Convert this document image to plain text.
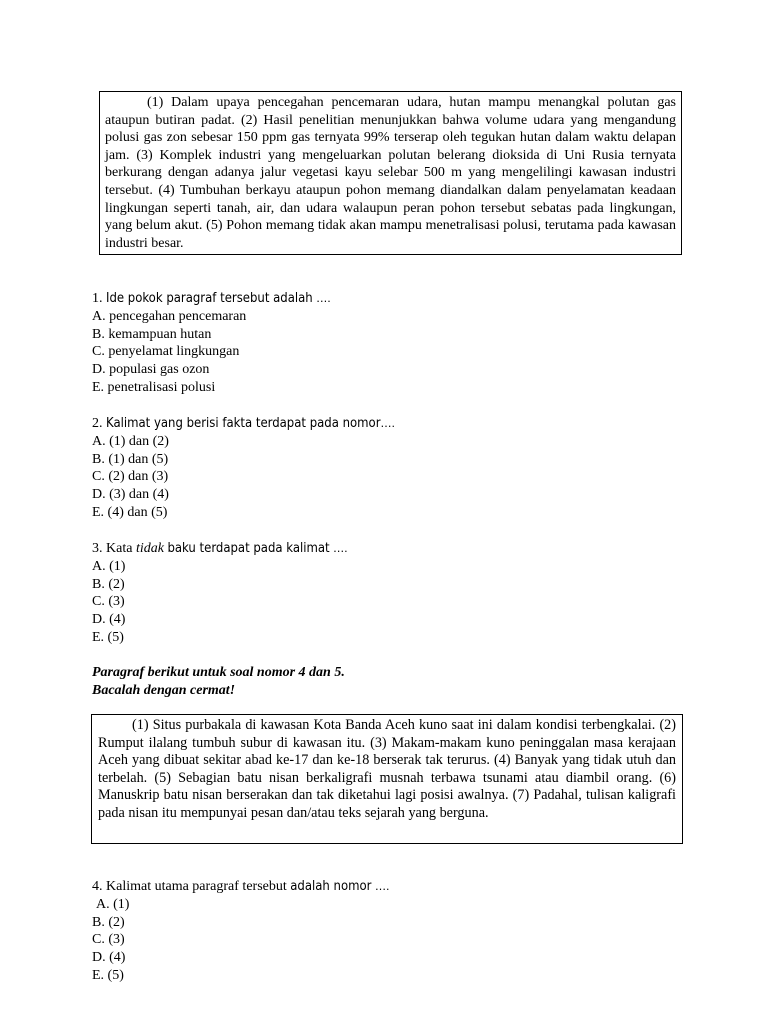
(1) Dalam upaya pencegahan pencemaran udara, hutan mampu menangkal polutan gas ataupun butiran padat. (2) Hasil penelitian menunjukkan bahwa volume udara yang mengandung polusi gas zon sebesar 150 ppm gas ternyata 99% terserap oleh tegukan hutan dalam waktu delapan jam. (3) Komplek industri yang mengeluarkan polutan belerang dioksida di Uni Rusia ternyata berkurang dengan adanya jalur vegetasi kayu selebar 500 m yang mengelilingi kawasan industri tersebut. (4) Tumbuhan berkayu ataupun pohon memang diandalkan dalam penyelamatan keadaan lingkungan seperti tanah, air, dan udara walaupun peran pohon tersebut sebatas pada lingkungan, yang belum akut. (5) Pohon memang tidak akan mampu menetralisasi polusi, terutama pada kawasan industri besar.

1. Ide pokok paragraf tersebut adalah ….

A. pencegahan pencemaran

B. kemampuan hutan

C. penyelamat lingkungan

D. populasi gas ozon

E. penetralisasi polusi

2. Kalimat yang berisi fakta terdapat pada nomor….

A. (1) dan (2)

B. (1) dan (5)

C. (2) dan (3)

D. (3) dan (4)

E. (4) dan (5)

3. Kata tidak baku terdapat pada kalimat ….

A. (1)

B. (2)

C. (3)

D. (4)

E. (5)

Paragraf berikut untuk soal nomor 4 dan 5.

Bacalah dengan cermat!

(1) Situs purbakala di kawasan Kota Banda Aceh kuno saat ini dalam kondisi terbengkalai. (2) Rumput ilalang tumbuh subur di kawasan itu. (3) Makam-makam kuno peninggalan masa kerajaan Aceh yang dibuat sekitar abad ke-17 dan ke-18 berserak tak terurus. (4) Banyak yang tidak utuh dan terbelah. (5) Sebagian batu nisan berkaligrafi musnah terbawa tsunami atau diambil orang. (6) Manuskrip batu nisan berserakan dan tak diketahui lagi posisi awalnya. (7) Padahal, tulisan kaligrafi pada nisan itu mempunyai pesan dan/atau teks sejarah yang berguna.

4. Kalimat utama paragraf tersebut adalah nomor ….

A. (1)

B. (2)

C. (3)

D. (4)

E. (5)
